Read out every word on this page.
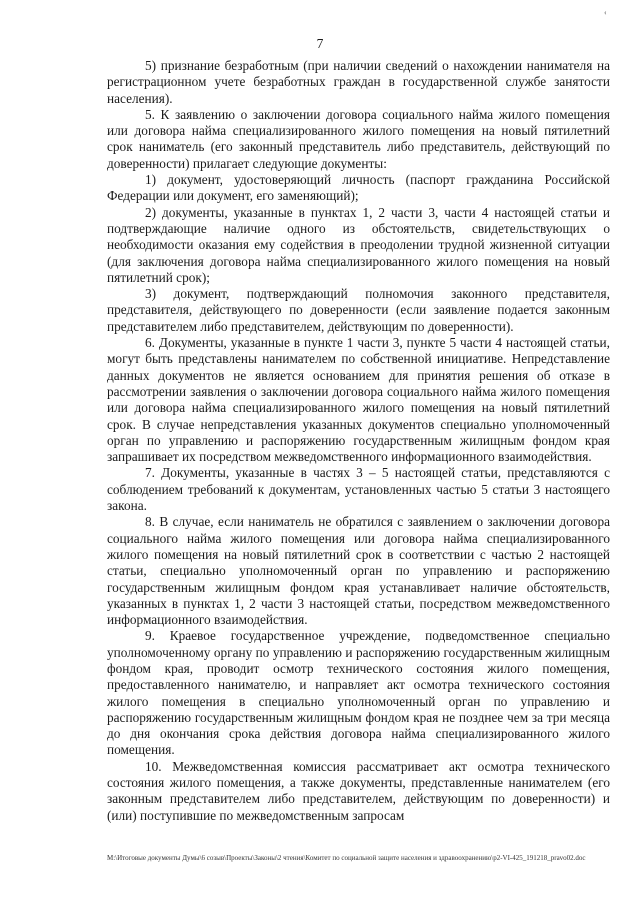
‹
7

5) признание безработным (при наличии сведений о нахождении нанимателя на регистрационном учете безработных граждан в государственной службе занятости населения).

5. К заявлению о заключении договора социального найма жилого помещения или договора найма специализированного жилого помещения на новый пятилетний срок наниматель (его законный представитель либо представитель, действующий по доверенности) прилагает следующие документы:

1) документ, удостоверяющий личность (паспорт гражданина Российской Федерации или документ, его заменяющий);

2) документы, указанные в пунктах 1, 2 части 3, части 4 настоящей статьи и подтверждающие наличие одного из обстоятельств, свидетельствующих о необходимости оказания ему содействия в преодолении трудной жизненной ситуации (для заключения договора найма специализированного жилого помещения на новый пятилетний срок);

3) документ, подтверждающий полномочия законного представителя, представителя, действующего по доверенности (если заявление подается законным представителем либо представителем, действующим по доверенности).

6. Документы, указанные в пункте 1 части 3, пункте 5 части 4 настоящей статьи, могут быть представлены нанимателем по собственной инициативе. Непредставление данных документов не является основанием для принятия решения об отказе в рассмотрении заявления о заключении договора социального найма жилого помещения или договора найма специализированного жилого помещения на новый пятилетний срок. В случае непредставления указанных документов специально уполномоченный орган по управлению и распоряжению государственным жилищным фондом края запрашивает их посредством межведомственного информационного взаимодействия.

7. Документы, указанные в частях 3 – 5 настоящей статьи, представляются с соблюдением требований к документам, установленных частью 5 статьи 3 настоящего закона.

8. В случае, если наниматель не обратился с заявлением о заключении договора социального найма жилого помещения или договора найма специализированного жилого помещения на новый пятилетний срок в соответствии с частью 2 настоящей статьи, специально уполномоченный орган по управлению и распоряжению государственным жилищным фондом края устанавливает наличие обстоятельств, указанных в пунктах 1, 2 части 3 настоящей статьи, посредством межведомственного информационного взаимодействия.

9. Краевое государственное учреждение, подведомственное специально уполномоченному органу по управлению и распоряжению государственным жилищным фондом края, проводит осмотр технического состояния жилого помещения, предоставленного нанимателю, и направляет акт осмотра технического состояния жилого помещения в специально уполномоченный орган по управлению и распоряжению государственным жилищным фондом края не позднее чем за три месяца до дня окончания срока действия договора найма специализированного жилого помещения.

10. Межведомственная комиссия рассматривает акт осмотра технического состояния жилого помещения, а также документы, представленные нанимателем (его законным представителем либо представителем, действующим по доверенности) и (или) поступившие по межведомственным запросам

M:\Итоговые документы Думы\6 созыв\Проекты\Законы\2 чтения\Комитет по социальной защите населения и здравоохранению\р2-VI-425_191218_pravo02.doc
